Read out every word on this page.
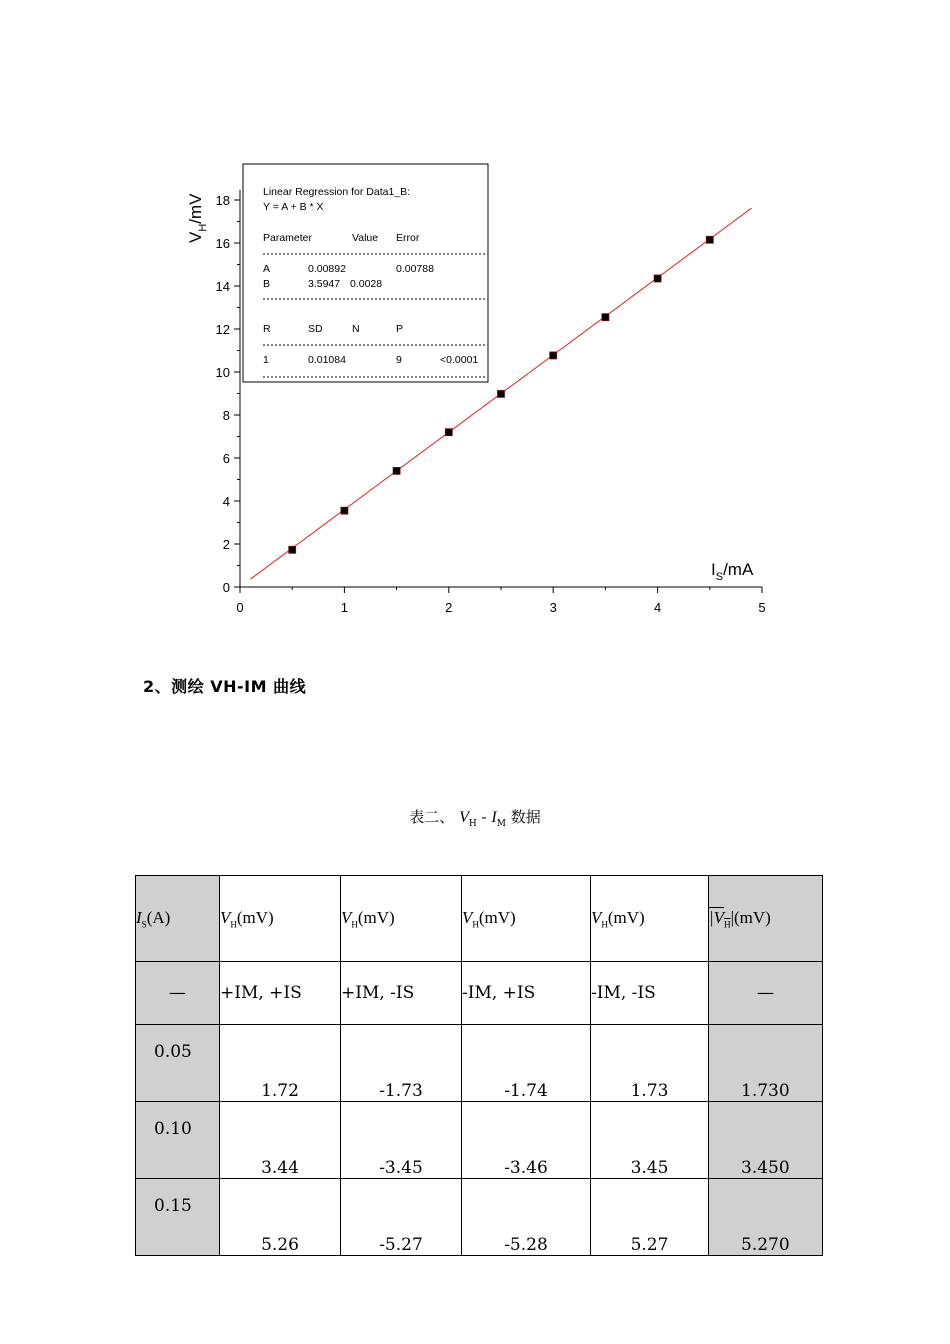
0	1	2	3	4	5
0
2
4
6
8
10
12
14
16
18
$I_S/mA$
$V_H/mV$
Linear Regression for Data1_B:
Y = A + B * X
Parameter	Value Error
A	0.00892	0.00788
B	3.5947 0.0028
R	SD	N	P
1	0.01084	9	<0.0001
2、测绘 VH-IM 曲线
表二、 $V_H - I_M$ 数据
$I_S(A)$	$V_H(mV)$	$V_H(mV)$	$V_H(mV)$	$V_H(mV)$	$|V_H|(mV)$
—	+IM, +IS	+IM, -IS	-IM, +IS	-IM, -IS	—
0.05	1.72	-1.73	-1.74	1.73	1.730
0.10	3.44	-3.45	-3.46	3.45	3.450
0.15	5.26	-5.27	-5.28	5.27	5.270
